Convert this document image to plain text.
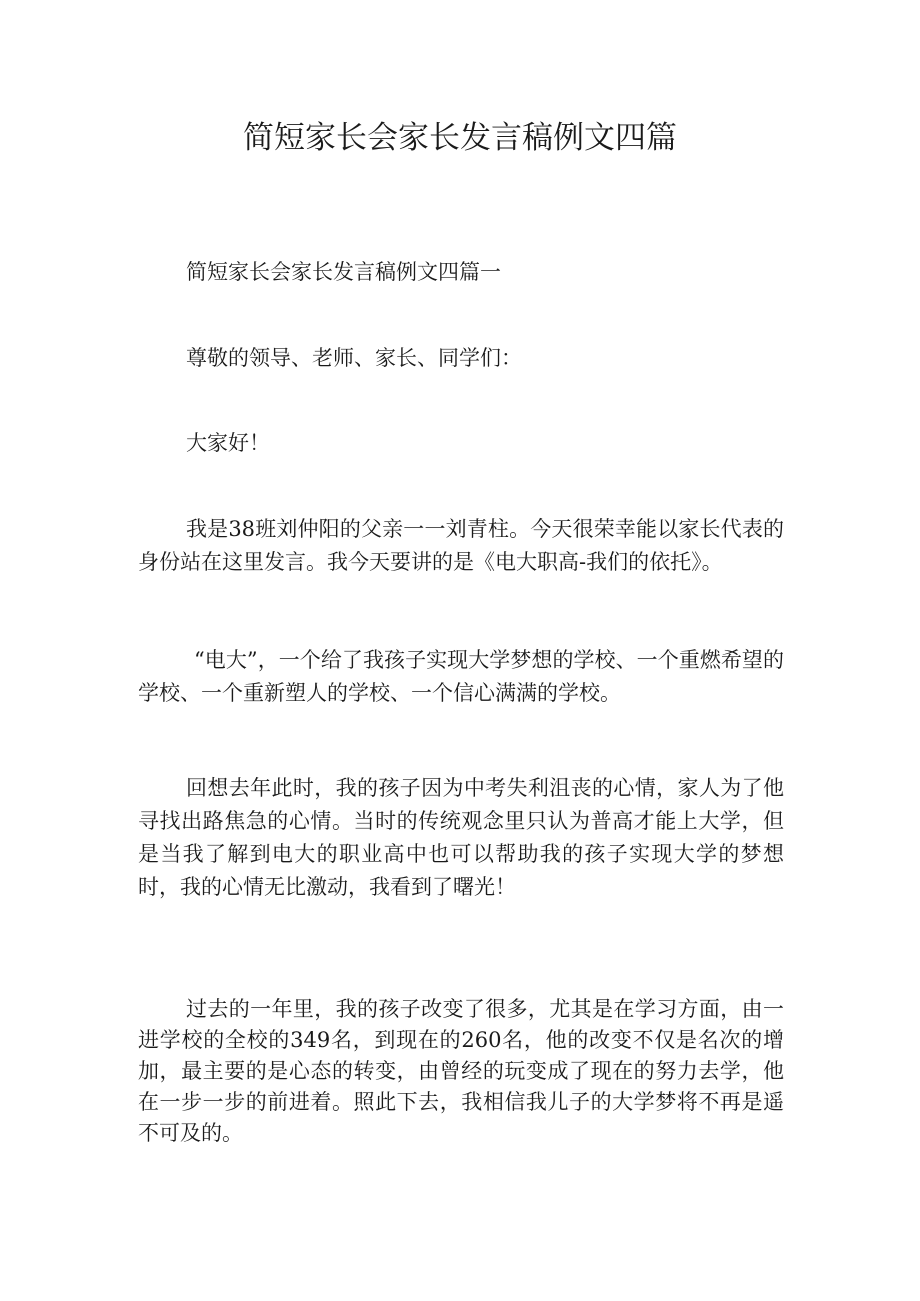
简短家长会家长发言稿例文四篇

简短家长会家长发言稿例文四篇一

尊敬的领导、老师、家长、同学们：

大家好！

我是38班刘仲阳的父亲一一刘青柱。今天很荣幸能以家长代表的身份站在这里发言。我今天要讲的是《电大职高-我们的依托》。

“电大”，一个给了我孩子实现大学梦想的学校、一个重燃希望的学校、一个重新塑人的学校、一个信心满满的学校。

回想去年此时，我的孩子因为中考失利沮丧的心情，家人为了他寻找出路焦急的心情。当时的传统观念里只认为普高才能上大学，但是当我了解到电大的职业高中也可以帮助我的孩子实现大学的梦想时，我的心情无比激动，我看到了曙光！

过去的一年里，我的孩子改变了很多，尤其是在学习方面，由一进学校的全校的349名，到现在的260名，他的改变不仅是名次的增加，最主要的是心态的转变，由曾经的玩变成了现在的努力去学，他在一步一步的前进着。照此下去，我相信我儿子的大学梦将不再是遥不可及的。
